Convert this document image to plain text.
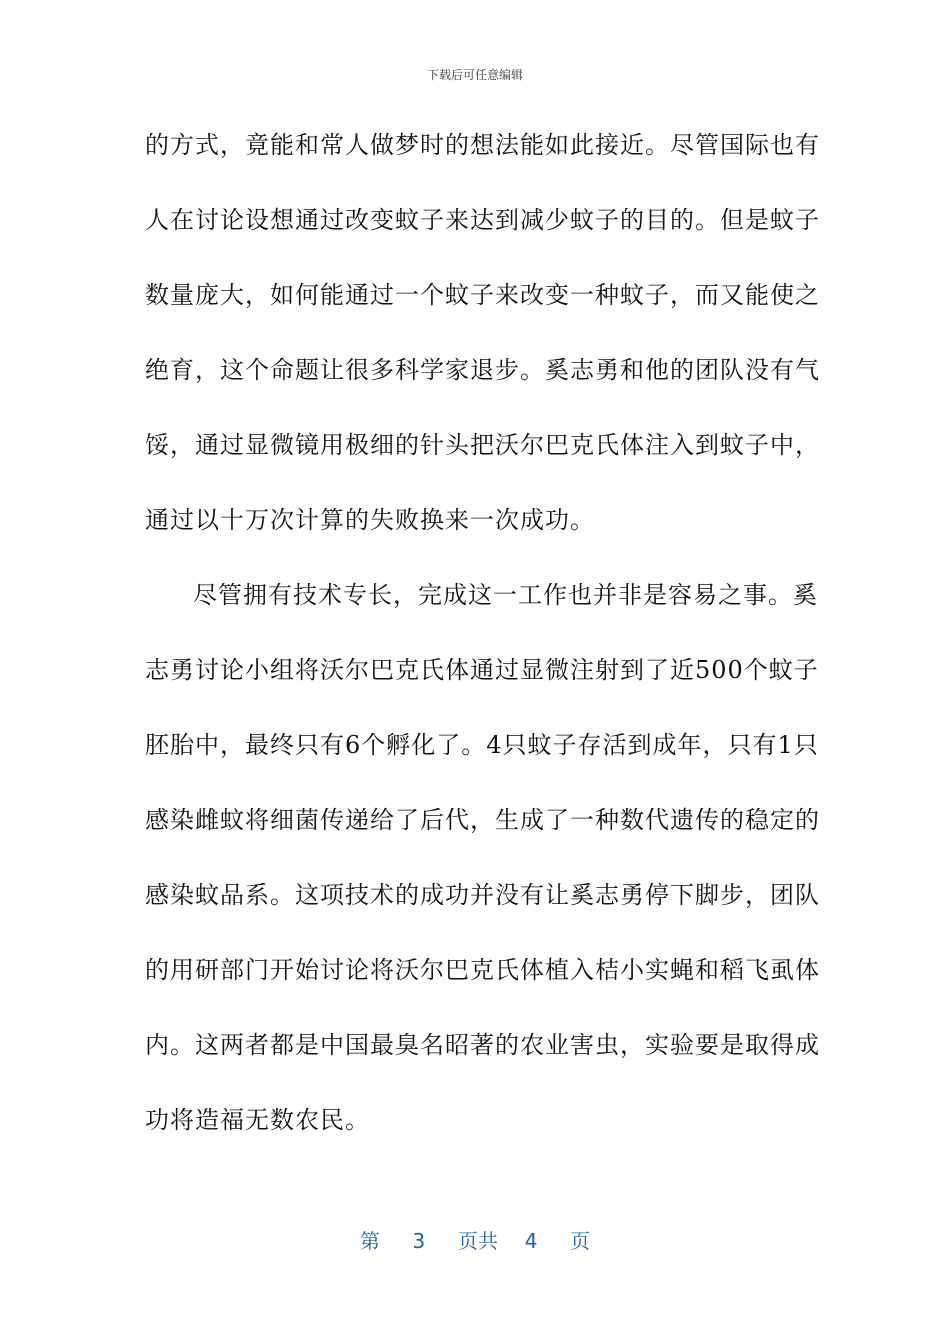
下载后可任意编辑
的方式，竟能和常人做梦时的想法能如此接近。尽管国际也有
人在讨论设想通过改变蚊子来达到减少蚊子的目的。但是蚊子
数量庞大，如何能通过一个蚊子来改变一种蚊子，而又能使之
绝育，这个命题让很多科学家退步。奚志勇和他的团队没有气
馁，通过显微镜用极细的针头把沃尔巴克氏体注入到蚊子中，
通过以十万次计算的失败换来一次成功。
尽管拥有技术专长，完成这一工作也并非是容易之事。奚
志勇讨论小组将沃尔巴克氏体通过显微注射到了近500个蚊子
胚胎中，最终只有6个孵化了。4只蚊子存活到成年，只有1只
感染雌蚊将细菌传递给了后代，生成了一种数代遗传的稳定的
感染蚊品系。这项技术的成功并没有让奚志勇停下脚步，团队
的用研部门开始讨论将沃尔巴克氏体植入桔小实蝇和稻飞虱体
内。这两者都是中国最臭名昭著的农业害虫，实验要是取得成
功将造福无数农民。
第 3 页共 4 页
